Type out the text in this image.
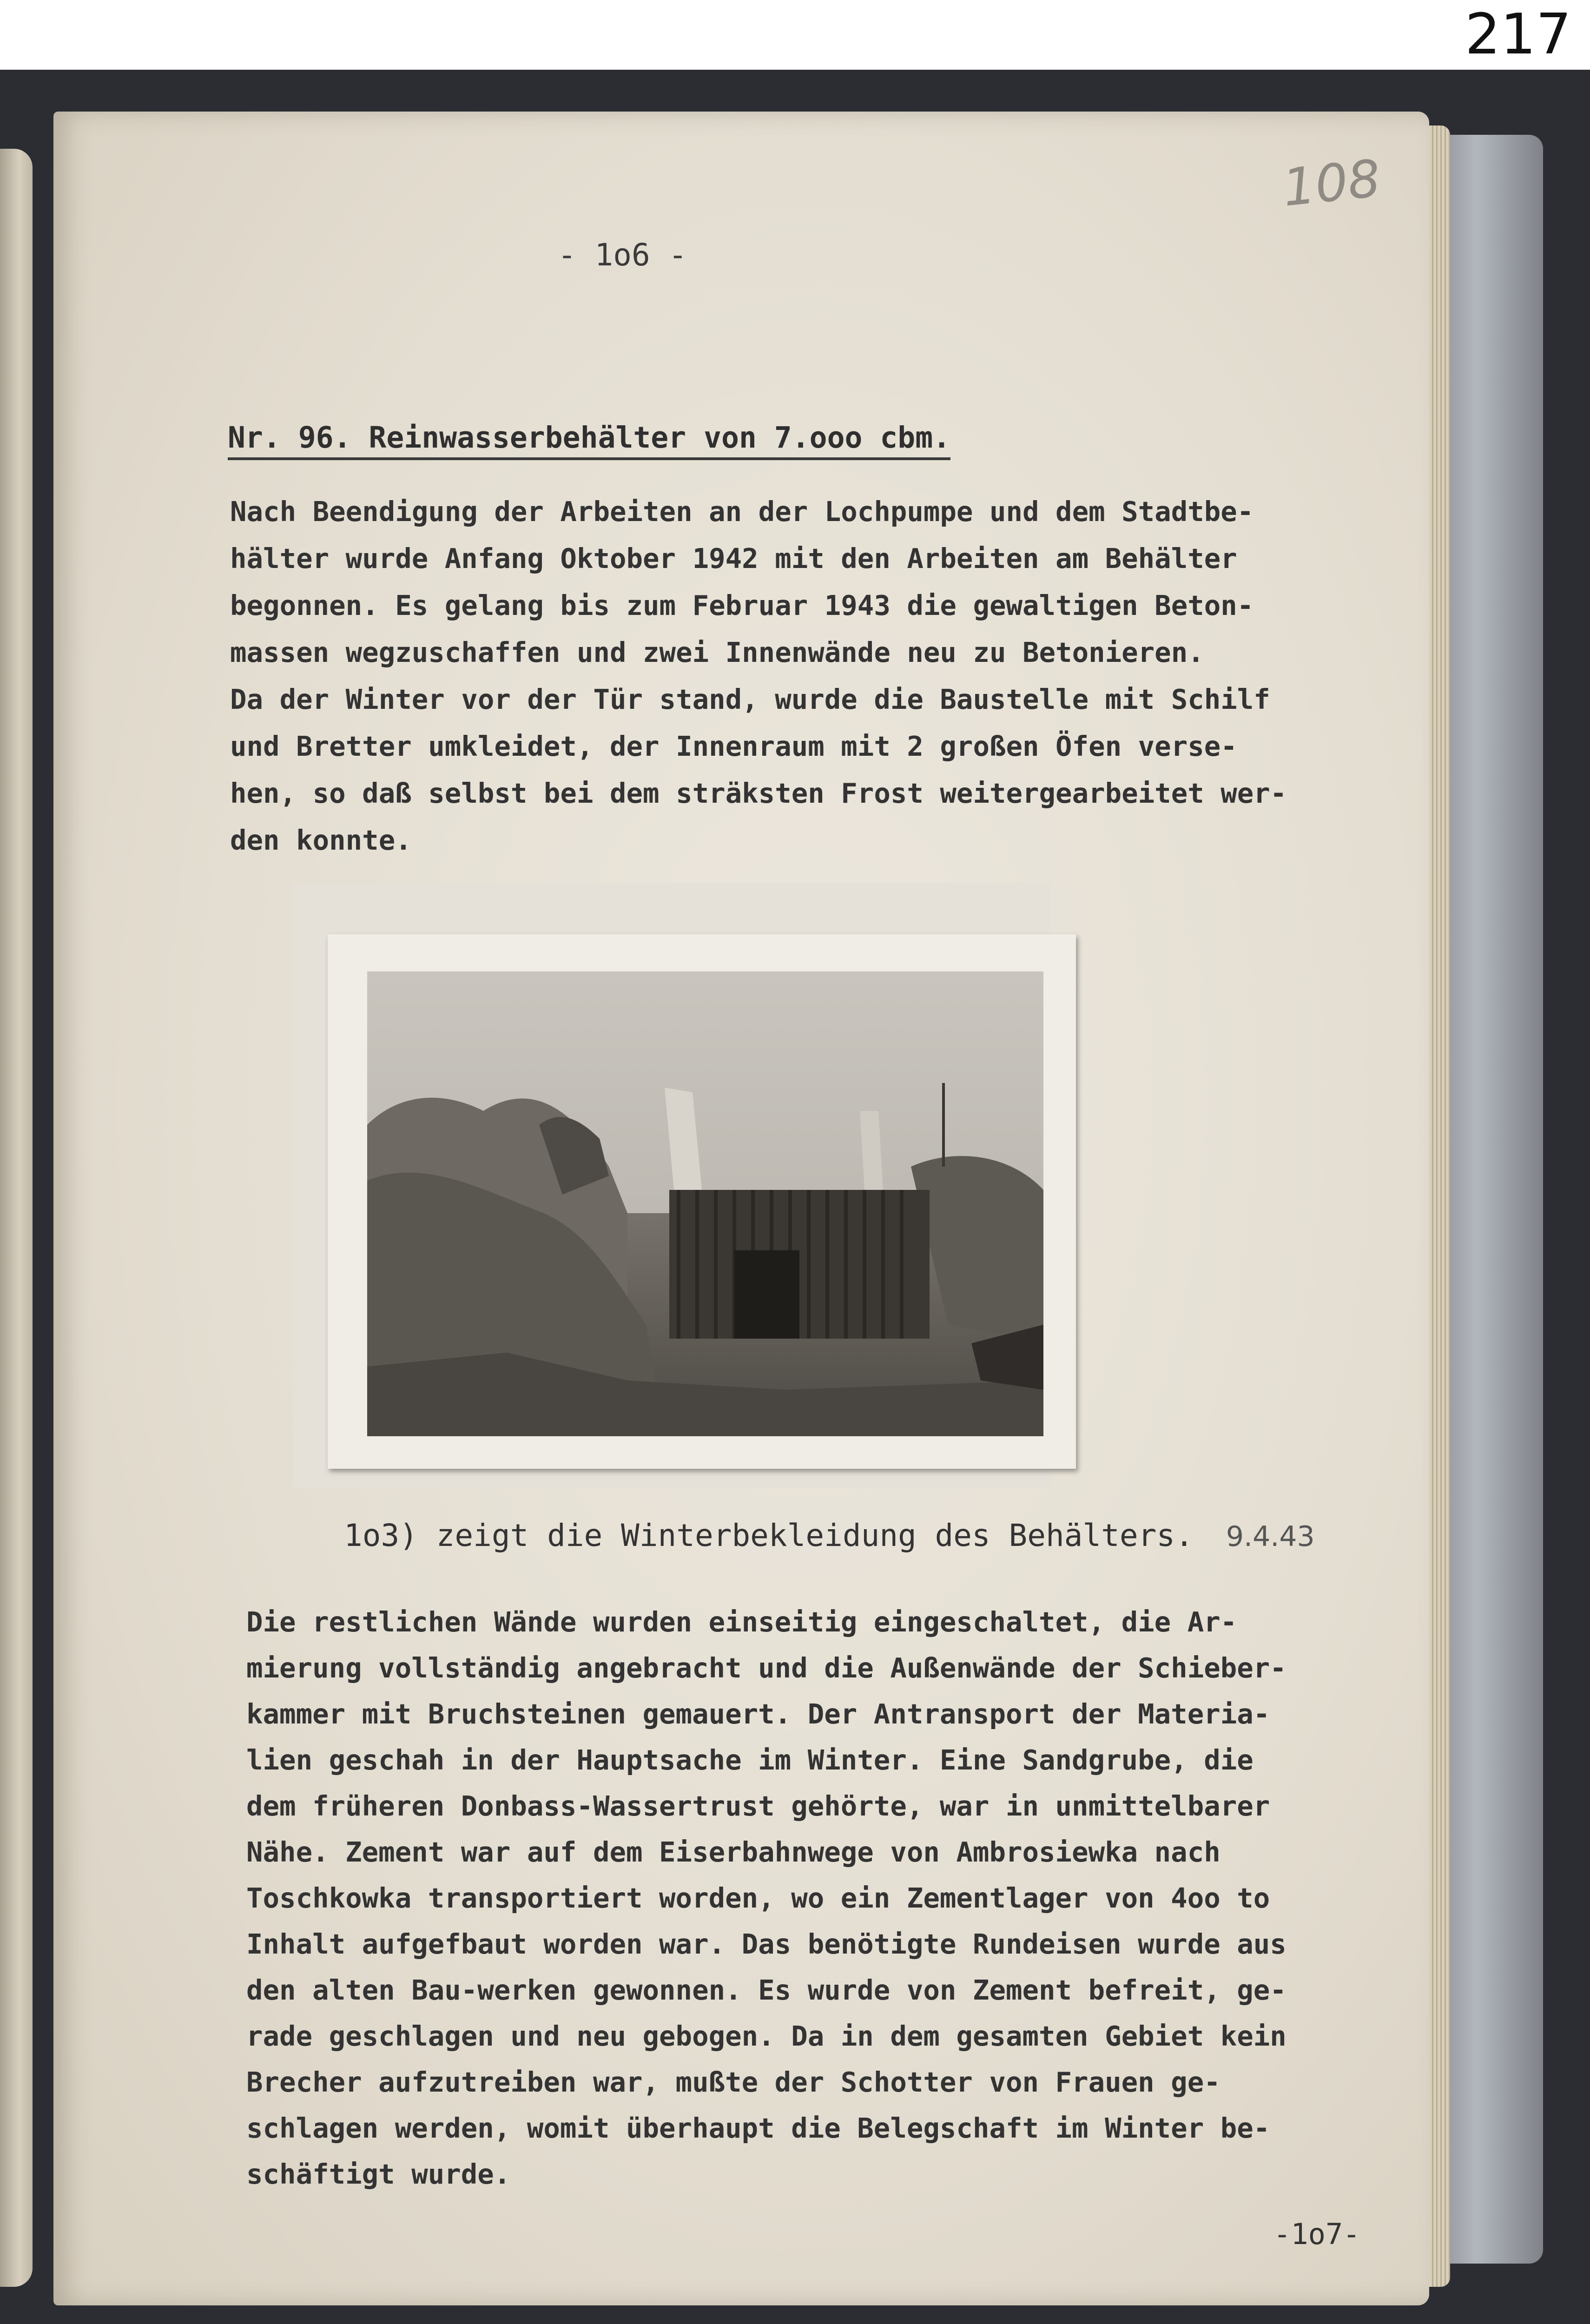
217
108
- 1o6 -
Nr. 96. Reinwasserbehälter von 7.ooo cbm.
Nach Beendigung der Arbeiten an der Lochpumpe und dem Stadtbe-
hälter wurde Anfang Oktober 1942 mit den Arbeiten am Behälter
begonnen. Es gelang bis zum Februar 1943 die gewaltigen Beton-
massen wegzuschaffen und zwei Innenwände neu zu Betonieren.
Da der Winter vor der Tür stand, wurde die Baustelle mit Schilf
und Bretter umkleidet, der Innenraum mit 2 großen Öfen verse-
hen, so daß selbst bei dem sträksten Frost weitergearbeitet wer-
den konnte.
1o3) zeigt die Winterbekleidung des Behälters. 9.4.43
Die restlichen Wände wurden einseitig eingeschaltet, die Ar-
mierung vollständig angebracht und die Außenwände der Schieber-
kammer mit Bruchsteinen gemauert. Der Antransport der Materia-
lien geschah in der Hauptsache im Winter. Eine Sandgrube, die
dem früheren Donbass-Wassertrust gehörte, war in unmittelbarer
Nähe. Zement war auf dem Eiserbahnwege von Ambrosiewka nach
Toschkowka transportiert worden, wo ein Zementlager von 4oo to
Inhalt aufgefbaut worden war. Das benötigte Rundeisen wurde aus
den alten Bau-werken gewonnen. Es wurde von Zement befreit, ge-
rade geschlagen und neu gebogen. Da in dem gesamten Gebiet kein
Brecher aufzutreiben war, mußte der Schotter von Frauen ge-
schlagen werden, womit überhaupt die Belegschaft im Winter be-
schäftigt wurde.
-1o7-
